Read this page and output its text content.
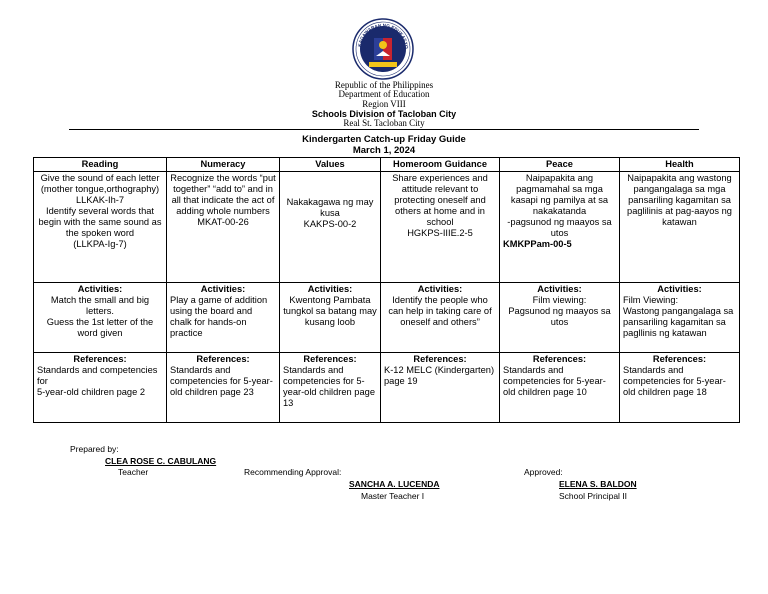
KAGAWARAN NG EDUKASYO
Republic of the Philippines
Department of Education
Region VIII
Schools Division of Tacloban City
Real St. Tacloban City
Kindergarten Catch-up Friday Guide
March 1, 2024
Reading	Numeracy	Values	Homeroom Guidance	Peace	Health
Give the sound of each letter (mother tongue,orthography)
LLKAK-Ih-7
Identify several words that begin with the same sound as the spoken word
(LLKPA-Ig-7)	Recognize the words “put together” “add to” and in all that indicate the act of adding whole numbers
MKAT-00-26	Nakakagawa ng may kusa
KAKPS-00-2	Share experiences and attitude relevant to protecting oneself and others at home and in school
HGKPS-IIIE.2-5	Naipapakita ang pagmamahal sa mga kasapi ng pamilya at sa nakakatanda
-pagsunod ng maayos sa utos

KMKPPam-00-5	Naipapakita ang wastong pangangalaga sa mga pansariling kagamitan sa paglilinis at pag-aayos ng katawan

Activities:
Match the small and big letters.
Guess the 1st letter of the word given	Activities:
Play a game of addition using the board and chalk for hands-on practice	Activities:
Kwentong Pambata tungkol sa batang may kusang loob	Activities:
Identify the people who can help in taking care of oneself and others”	Activities:
Film viewing:
Pagsunod ng maayos sa utos	Activities:
Film Viewing:
Wastong pangangalaga sa pansariling kagamitan sa pagllinis ng katawan

References:
Standards and competencies for
5-year-old children page 2	References:
Standards and competencies for 5-year-old children page 23	References:
Standards and competencies for 5-year-old children page 13	References:
K-12 MELC (Kindergarten) page 19	References:
Standards and competencies for 5-year-old children page 10	References:
Standards and competencies for 5-year-old children page 18
Prepared by:
CLEA ROSE C. CABULANG
Teacher	Recommending Approval:
SANCHA A. LUCENDA
Master Teacher I
Approved:
ELENA S. BALDON
School Principal II
